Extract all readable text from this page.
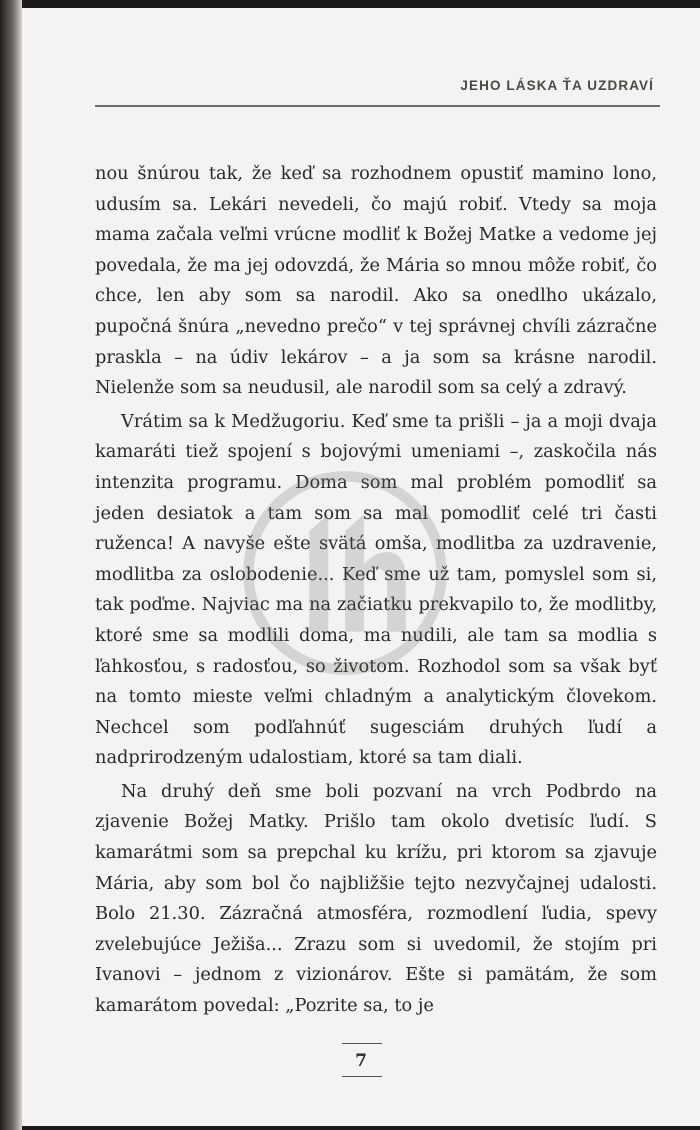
JEHO LÁSKA ŤA UZDRAVÍ

nou šnúrou tak, že keď sa rozhodnem opustiť mamino lono, udusím sa. Lekári nevedeli, čo majú robiť. Vtedy sa moja mama začala veľmi vrúcne modliť k Božej Matke a vedome jej povedala, že ma jej odovzdá, že Mária so mnou môže robiť, čo chce, len aby som sa narodil. Ako sa onedlho ukázalo, pupočná šnúra „nevedno prečo“ v tej správnej chvíli zázračne praskla – na údiv lekárov – a ja som sa krásne narodil. Nielenže som sa neudusil, ale narodil som sa celý a zdravý.

Vrátim sa k Medžugoriu. Keď sme ta prišli – ja a moji dvaja kamaráti tiež spojení s bojovými umeniami –, zaskočila nás intenzita programu. Doma som mal problém pomodliť sa jeden desiatok a tam som sa mal pomodliť celé tri časti ruženca! A navyše ešte svätá omša, modlitba za uzdravenie, modlitba za oslobodenie... Keď sme už tam, pomyslel som si, tak poďme. Najviac ma na začiatku prekvapilo to, že modlitby, ktoré sme sa modlili doma, ma nudili, ale tam sa modlia s ľahkosťou, s radosťou, so životom. Rozhodol som sa však byť na tomto mieste veľmi chladným a analytickým človekom. Nechcel som podľahnúť sugesciám druhých ľudí a nadprirodzeným udalostiam, ktoré sa tam diali.

Na druhý deň sme boli pozvaní na vrch Podbrdo na zjavenie Božej Matky. Prišlo tam okolo dvetisíc ľudí. S kamarátmi som sa prepchal ku krížu, pri ktorom sa zjavuje Mária, aby som bol čo najbližšie tejto nezvyčajnej udalosti. Bolo 21.30. Zázračná atmosféra, rozmodlení ľudia, spevy zvelebujúce Ježiša... Zrazu som si uvedomil, že stojím pri Ivanovi – jednom z vizionárov. Ešte si pamätám, že som kamarátom povedal: „Pozrite sa, to je

7
